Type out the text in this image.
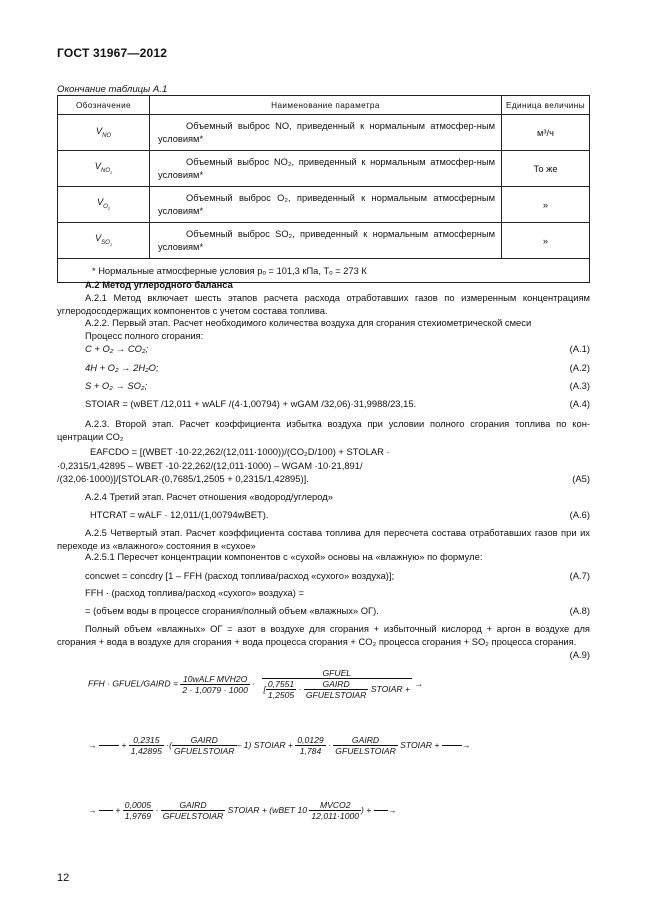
ГОСТ 31967—2012
Окончание таблицы А.1
Обозначение	Наименование параметра	Единица величины
$V_{NO}$	Объемный выброс NO, приведенный к нормальным атмосфер-ным условиям*	м³/ч
$V_{NO_2}$	Объемный выброс NO₂, приведенный к нормальным атмосфер-ным условиям*	То же
$V_{O_2}$	Объемный выброс O₂, приведенный к нормальным атмосферным условиям*	»
$V_{SO_2}$	Объемный выброс SO₂, приведенный к нормальным атмосферным условиям*	»
* Нормальные атмосферные условия pₒ = 101,3 кПа, Tₒ = 273 К		
А.2 Метод углеродного баланса
А.2.1 Метод включает шесть этапов расчета расхода отработавших газов по измеренным концентрациям углеродосодержащих компонентов с учетом состава топлива.
А.2.2. Первый этап. Расчет необходимого количества воздуха для сгорания стехиометрической смеси
Процесс полного сгорания:
C + O₂ → CO₂;	(А.1)
4H + O₂ → 2H₂O;	(А.2)
S + O₂ → SO₂;	(А.3)
STOIAR = (wBET /12,011 + wALF /(4·1,00794) + wGAM /32,06)·31,9988/23,15.	(А.4)
А.2.3. Второй этап. Расчет коэффициента избытка воздуха при условии полного сгорания топлива по кон-центрации CO₂
EAFCDO = [(WBET ·10·22,262/(12,011·1000))/(CO₂D/100) + STOLAR ·
·0,2315/1,42895 – WBET ·10·22,262/(12,011·1000) – WGAM ·10·21,891/
/(32,06·1000)]/[STOLAR·(0,7685/1,2505 + 0,2315/1,42895)].	(А5)
А.2.4 Третий этап. Расчет отношения «водород/углерод»
HTCRAT = wALF · 12,011/(1,00794wBET).	(А.6)
А.2.5 Четвертый этап. Расчет коэффициента состава топлива для пересчета состава отработавших газов при их переходе из «влажного» состояния в «сухое»
А.2.5.1 Пересчет концентрации компонентов с «сухой» основы на «влажную» по формуле:
concwet = concdry [1 – FFH (расход топлива/расход «сухого» воздуха)];	(А.7)
FFH · (расход топлива/расход «сухого» воздуха) =
= (объем воды в процессе сгорания/полный объем «влажных» ОГ).	(А.8)
Полный объем «влажных» ОГ = азот в воздухе для сгорания + избыточный кислород + аргон в воздухе для сгорания + вода в воздухе для сгорания + вода процесса сгорания + CO₂ процесса сгорания + SO₂ процесса сгорания.
(А.9)
FFH · GFUEL/GAIRD = $\frac{\text{10wALF MVH2O}}{2 \cdot 1,0079 \cdot 1000} \cdot \frac{\text{GFUEL}}{[ \frac{0,7551}{1,2505} \cdot \frac{\text{GAIRD}}{\text{GFUELSTOIAR}} STOIAR +}$ →
→	+ $\frac{0,2315}{1,42895}$ ·( $\frac{\text{GAIRD}}{\text{GFUELSTOIAR}} - 1$) STOIAR + $\frac{0,0129}{1,784} \cdot \frac{\text{GAIRD}}{\text{GFUELSTOIAR}}$ STOIAR + →
→ + $\frac{0,0005}{1,9769} \cdot \frac{\text{GAIRD}}{\text{GFUELSTOIAR}}$ STOIAR + (wBET $10 \frac{\text{MVCO2}}{12,011\cdot 1000}$ ) + →
12
